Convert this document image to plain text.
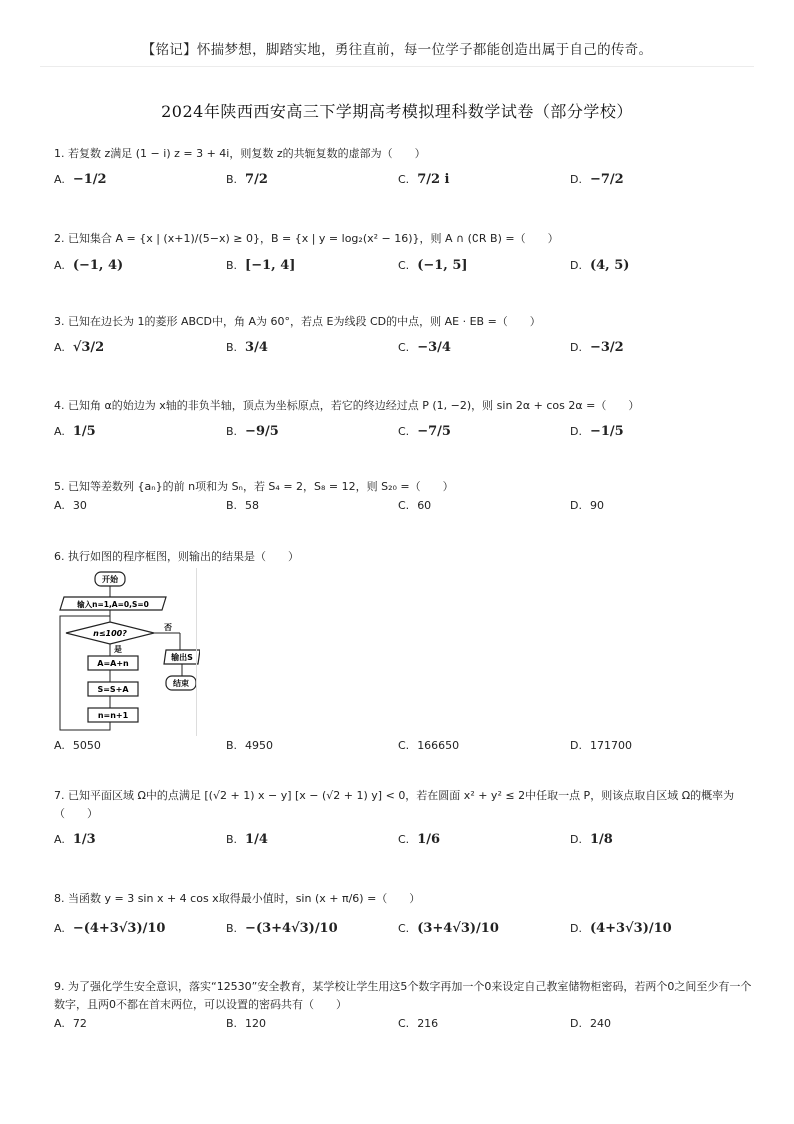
【铭记】怀揣梦想，脚踏实地，勇往直前，每一位学子都能创造出属于自己的传奇。
2024年陕西西安高三下学期高考模拟理科数学试卷（部分学校）
1. 若复数 z满足 (1 − i) z = 3 + 4i，则复数 z的共轭复数的虚部为（　　）
A. −1/2	B. 7/2	C. 7/2 i	D. −7/2
2. 已知集合 A = {x | (x+1)/(5−x) ≥ 0}，B = {x | y = log₂(x² − 16)}，则 A ∩ (∁R B) =（　　）
A. (−1, 4)	B. [−1, 4]	C. (−1, 5]	D. (4, 5)
3. 已知在边长为 1的菱形 ABCD中，角 A为 60°，若点 E为线段 CD的中点，则 AE · EB =（　　）
A. √3/2	B. 3/4	C. −3/4	D. −3/2
4. 已知角 α的始边为 x轴的非负半轴，顶点为坐标原点，若它的终边经过点 P (1, −2)，则 sin 2α + cos 2α =（　　）
A. 1/5	B. −9/5	C. −7/5	D. −1/5
5. 已知等差数列 {aₙ}的前 n项和为 Sₙ，若 S₄ = 2，S₈ = 12，则 S₂₀ =（　　）
A. 30	B. 58	C. 60	D. 90
6. 执行如图的程序框图，则输出的结果是（　　）
开始
输入n=1,A=0,S=0
n≤100?
是
否
输出S
结束
A=A+n
S=S+A
n=n+1
A. 5050	B. 4950	C. 166650	D. 171700
7. 已知平面区域 Ω中的点满足 [(√2 + 1) x − y] [x − (√2 + 1) y] < 0，若在圆面 x² + y² ≤ 2中任取一点 P，则该点取自区域 Ω的概率为（　　）
A. 1/3	B. 1/4	C. 1/6	D. 1/8
8. 当函数 y = 3 sin x + 4 cos x取得最小值时，sin (x + π/6) =（　　）
A. −(4+3√3)/10	B. −(3+4√3)/10	C. (3+4√3)/10	D. (4+3√3)/10
9. 为了强化学生安全意识，落实“12530”安全教育，某学校让学生用这5个数字再加一个0来设定自己教室储物柜密码，若两个0之间至少有一个数字，且两0不都在首末两位，可以设置的密码共有（　　）
A. 72	B. 120	C. 216	D. 240
